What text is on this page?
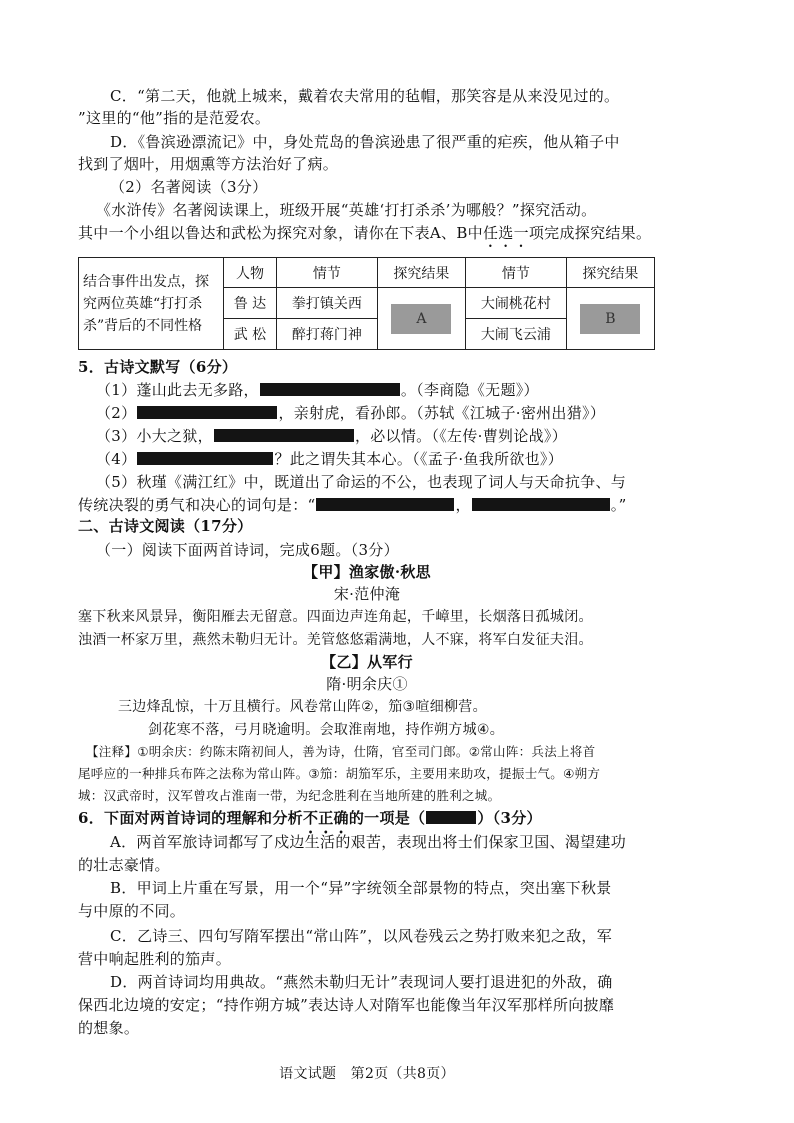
C．“第二天，他就上城来，戴着农夫常用的毡帽，那笑容是从来没见过的。
”这里的“他”指的是范爱农。
D．《鲁滨逊漂流记》中，身处荒岛的鲁滨逊患了很严重的疟疾，他从箱子中
找到了烟叶，用烟熏等方法治好了病。
（2）名著阅读（3分）
《水浒传》名著阅读课上，班级开展“英雄‘打打杀杀’为哪般？”探究活动。
其中一个小组以鲁达和武松为探究对象，请你在下表A、B中任选一项完成探究结果。
结合事件出发点，探究两位英雄“打打杀杀”背后的不同性格	人物	情节	探究结果	情节	探究结果
	鲁 达	拳打镇关西	A	大闹桃花村	B
	武 松	醉打蒋门神		大闹飞云浦	
5．古诗文默写（6分）
（1）蓬山此去无多路，	。（李商隐《无题》）
（2）	，亲射虎，看孙郎。（苏轼《江城子·密州出猎》）
（3）小大之狱，	，必以情。（《左传·曹刿论战》）
（4）	？此之谓失其本心。（《孟子·鱼我所欲也》）
（5）秋瑾《满江红》中，既道出了命运的不公，也表现了词人与天命抗争、与
传统决裂的勇气和决心的词句是：“	，	。”
二、古诗文阅读（17分）
（一）阅读下面两首诗词，完成6题。（3分）
【甲】渔家傲·秋思
宋·范仲淹
塞下秋来风景异，衡阳雁去无留意。四面边声连角起，千嶂里，长烟落日孤城闭。
浊酒一杯家万里，燕然未勒归无计。羌管悠悠霜满地，人不寐，将军白发征夫泪。
【乙】从军行
隋·明余庆①
三边烽乱惊，十万且横行。风卷常山阵②，笳③喧细柳营。
剑花寒不落，弓月晓逾明。会取淮南地，持作朔方城④。
【注释】①明余庆：约陈末隋初间人，善为诗，仕隋，官至司门郎。②常山阵：兵法上将首
尾呼应的一种排兵布阵之法称为常山阵。③笳：胡笳军乐，主要用来助攻，提振士气。④朔方
城：汉武帝时，汉军曾攻占淮南一带，为纪念胜利在当地所建的胜利之城。
6．下面对两首诗词的理解和分析不正确的一项是（	）（3分）
A．两首军旅诗词都写了戍边生活的艰苦，表现出将士们保家卫国、渴望建功
的壮志豪情。
B．甲词上片重在写景，用一个“异”字统领全部景物的特点，突出塞下秋景
与中原的不同。
C．乙诗三、四句写隋军摆出“常山阵”，以风卷残云之势打败来犯之敌，军
营中响起胜利的笳声。
D．两首诗词均用典故。“燕然未勒归无计”表现词人要打退进犯的外敌，确
保西北边境的安定；“持作朔方城”表达诗人对隋军也能像当年汉军那样所向披靡
的想象。
语文试题　第2页（共8页）
